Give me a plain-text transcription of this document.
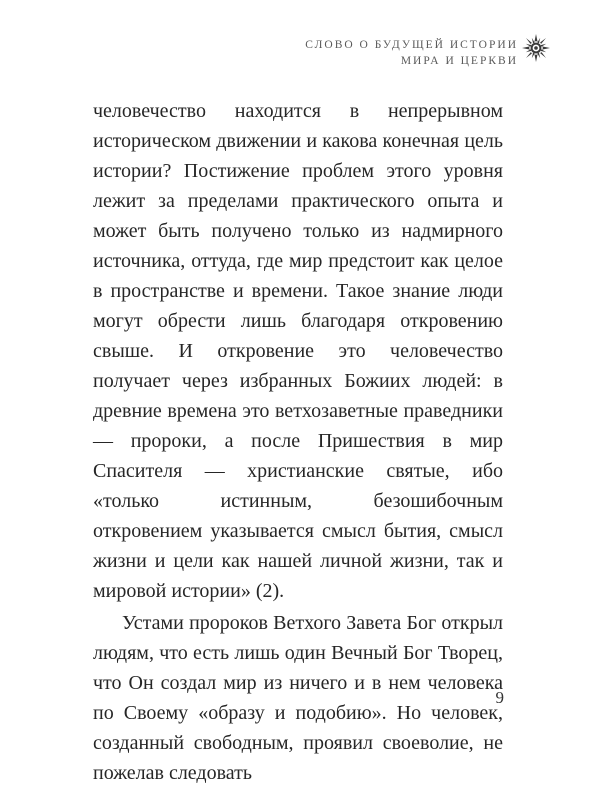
СЛОВО О БУДУЩЕЙ ИСТОРИИ
МИРА И ЦЕРКВИ

человечество находится в непрерывном историческом движении и какова конечная цель истории? Постижение проблем этого уровня лежит за пределами практического опыта и может быть получено только из надмирного источника, оттуда, где мир предстоит как целое в пространстве и времени. Такое знание люди могут обрести лишь благодаря откровению свыше. И откровение это человечество получает через избранных Божиих людей: в древние времена это ветхозаветные праведники — пророки, а после Пришествия в мир Спасителя — христианские святые, ибо «только истинным, безошибочным откровением указывается смысл бытия, смысл жизни и цели как нашей личной жизни, так и мировой истории» (2).

Устами пророков Ветхого Завета Бог открыл людям, что есть лишь один Вечный Бог Творец, что Он создал мир из ничего и в нем человека по Своему «образу и подобию». Но человек, созданный свободным, проявил своеволие, не пожелав следовать

9
